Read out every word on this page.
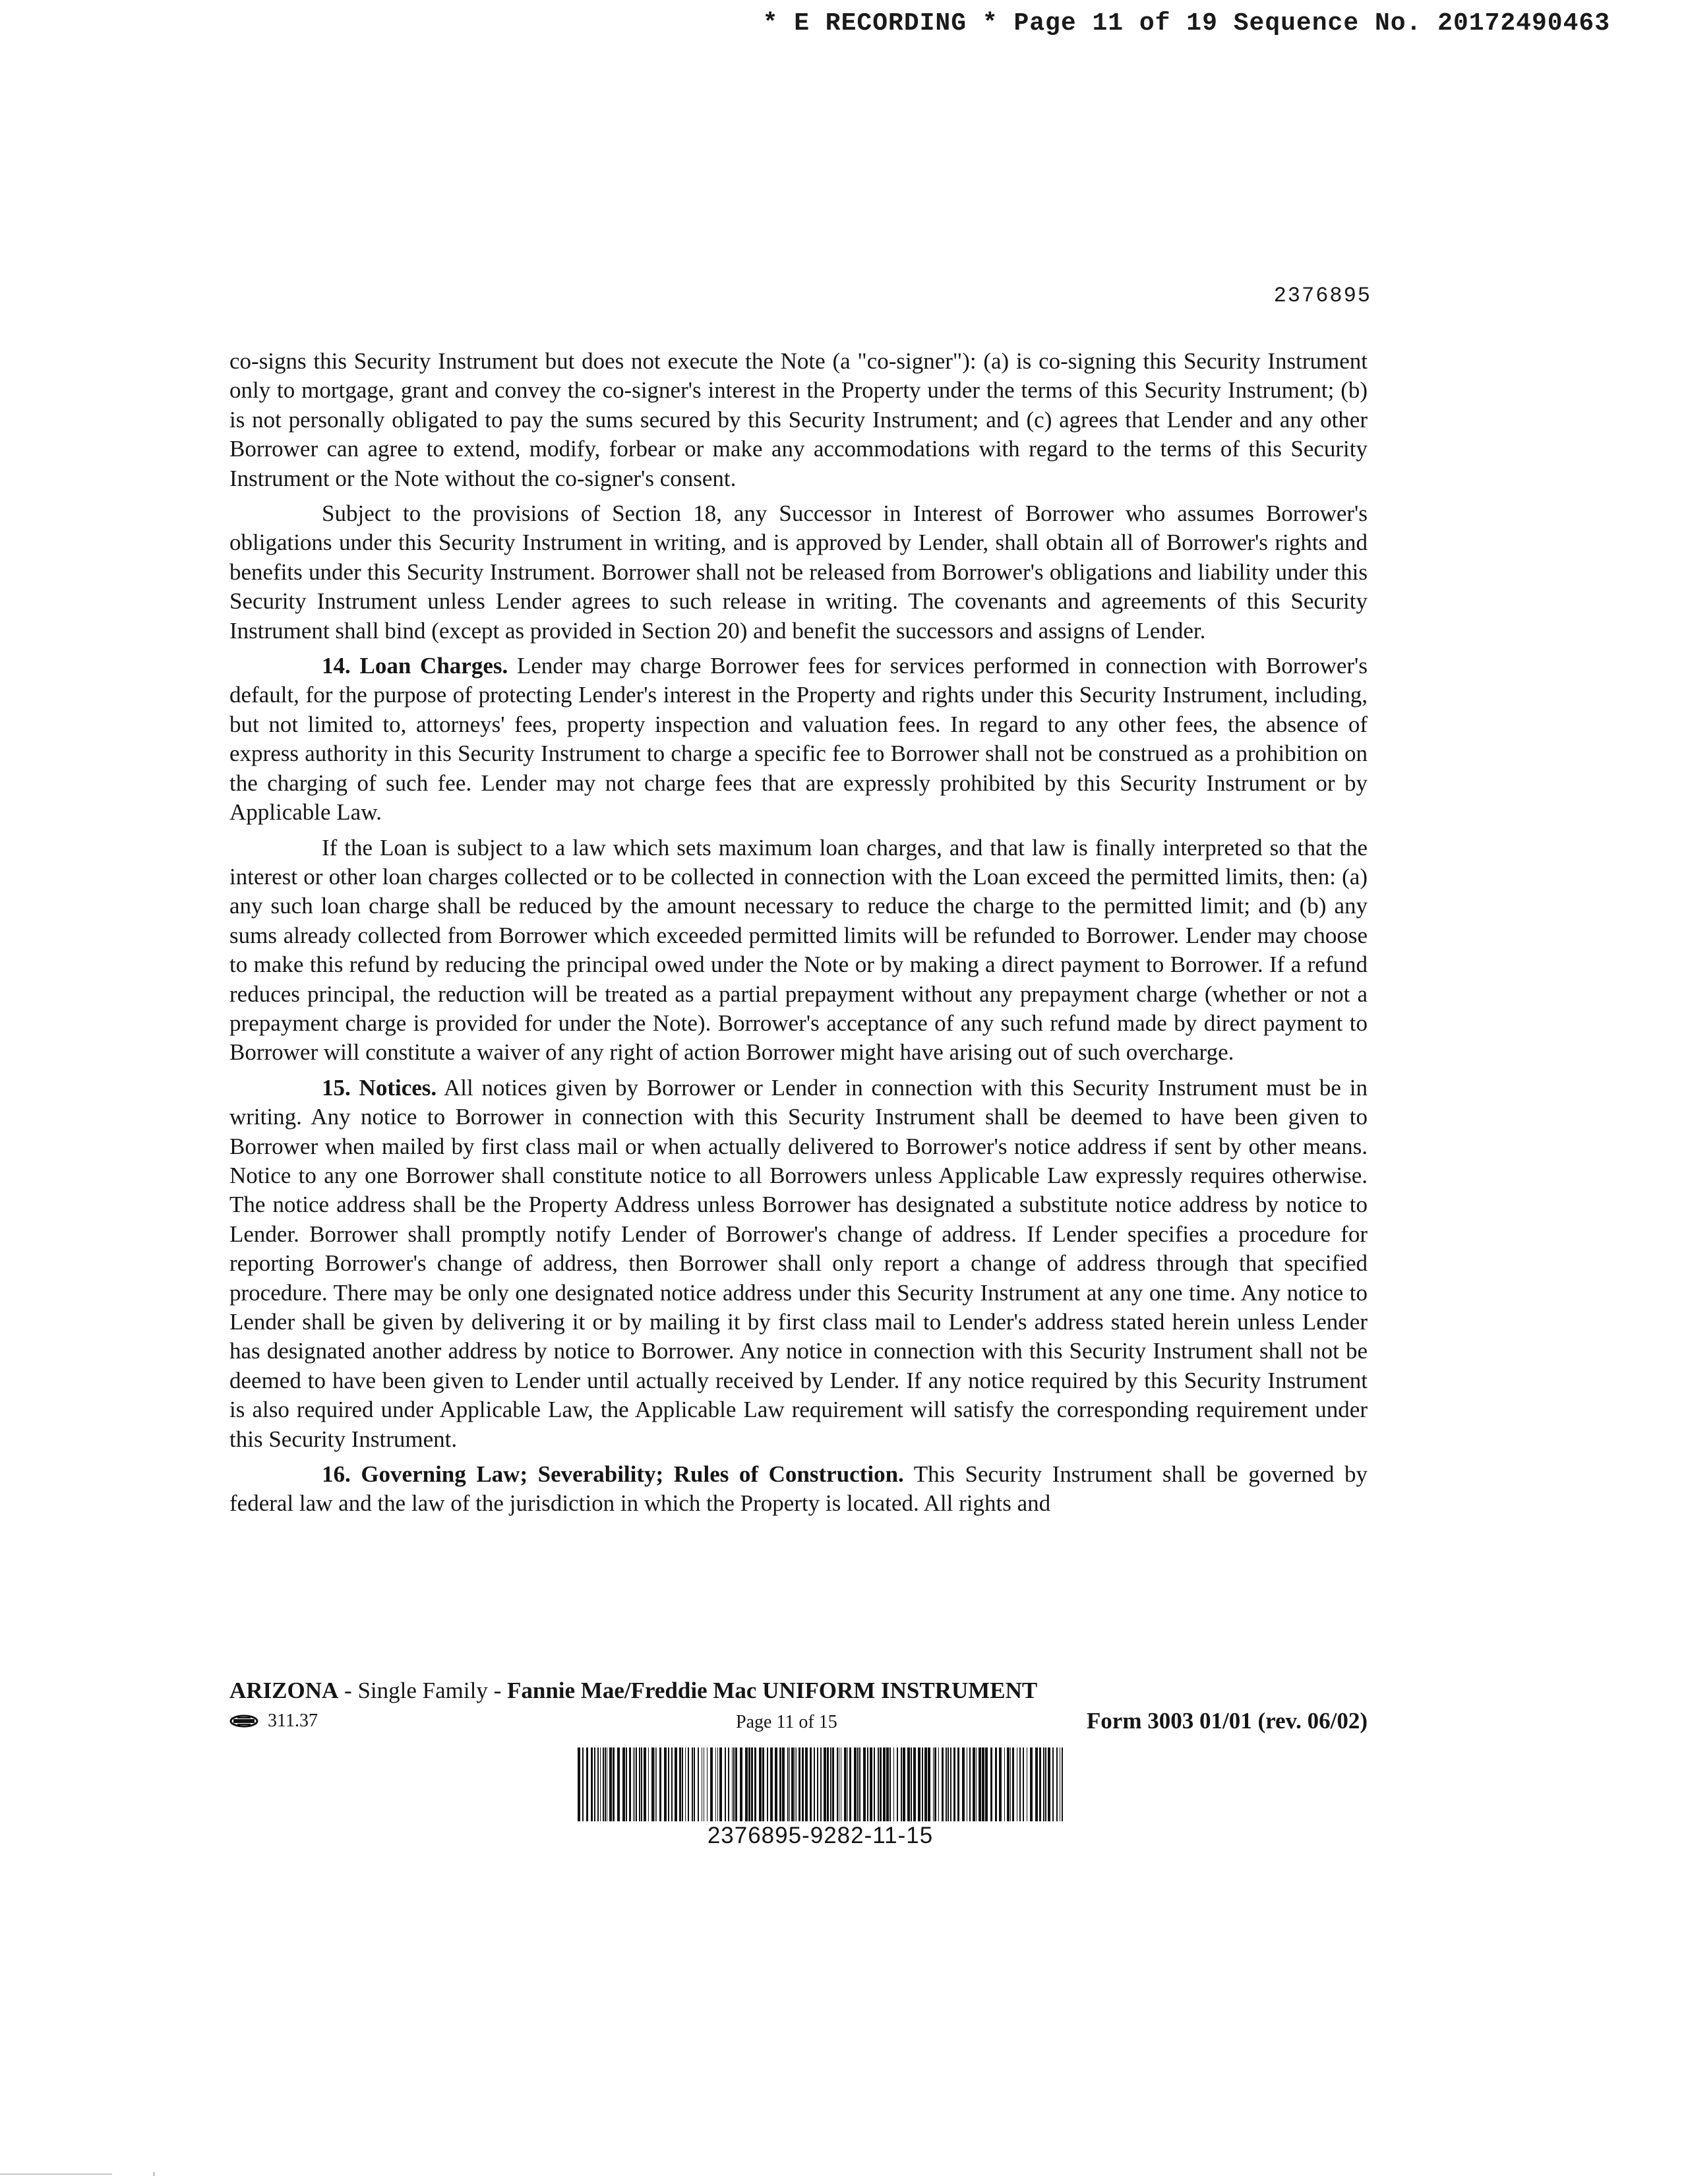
* E RECORDING * Page 11 of 19 Sequence No. 20172490463
2376895

co-signs this Security Instrument but does not execute the Note (a "co-signer"): (a) is co-signing this Security Instrument only to mortgage, grant and convey the co-signer's interest in the Property under the terms of this Security Instrument; (b) is not personally obligated to pay the sums secured by this Security Instrument; and (c) agrees that Lender and any other Borrower can agree to extend, modify, forbear or make any accommodations with regard to the terms of this Security Instrument or the Note without the co-signer's consent.

Subject to the provisions of Section 18, any Successor in Interest of Borrower who assumes Borrower's obligations under this Security Instrument in writing, and is approved by Lender, shall obtain all of Borrower's rights and benefits under this Security Instrument. Borrower shall not be released from Borrower's obligations and liability under this Security Instrument unless Lender agrees to such release in writing. The covenants and agreements of this Security Instrument shall bind (except as provided in Section 20) and benefit the successors and assigns of Lender.

14. Loan Charges. Lender may charge Borrower fees for services performed in connection with Borrower's default, for the purpose of protecting Lender's interest in the Property and rights under this Security Instrument, including, but not limited to, attorneys' fees, property inspection and valuation fees. In regard to any other fees, the absence of express authority in this Security Instrument to charge a specific fee to Borrower shall not be construed as a prohibition on the charging of such fee. Lender may not charge fees that are expressly prohibited by this Security Instrument or by Applicable Law.

If the Loan is subject to a law which sets maximum loan charges, and that law is finally interpreted so that the interest or other loan charges collected or to be collected in connection with the Loan exceed the permitted limits, then: (a) any such loan charge shall be reduced by the amount necessary to reduce the charge to the permitted limit; and (b) any sums already collected from Borrower which exceeded permitted limits will be refunded to Borrower. Lender may choose to make this refund by reducing the principal owed under the Note or by making a direct payment to Borrower. If a refund reduces principal, the reduction will be treated as a partial prepayment without any prepayment charge (whether or not a prepayment charge is provided for under the Note). Borrower's acceptance of any such refund made by direct payment to Borrower will constitute a waiver of any right of action Borrower might have arising out of such overcharge.

15. Notices. All notices given by Borrower or Lender in connection with this Security Instrument must be in writing. Any notice to Borrower in connection with this Security Instrument shall be deemed to have been given to Borrower when mailed by first class mail or when actually delivered to Borrower's notice address if sent by other means. Notice to any one Borrower shall constitute notice to all Borrowers unless Applicable Law expressly requires otherwise. The notice address shall be the Property Address unless Borrower has designated a substitute notice address by notice to Lender. Borrower shall promptly notify Lender of Borrower's change of address. If Lender specifies a procedure for reporting Borrower's change of address, then Borrower shall only report a change of address through that specified procedure. There may be only one designated notice address under this Security Instrument at any one time. Any notice to Lender shall be given by delivering it or by mailing it by first class mail to Lender's address stated herein unless Lender has designated another address by notice to Borrower. Any notice in connection with this Security Instrument shall not be deemed to have been given to Lender until actually received by Lender. If any notice required by this Security Instrument is also required under Applicable Law, the Applicable Law requirement will satisfy the corresponding requirement under this Security Instrument.

16. Governing Law; Severability; Rules of Construction. This Security Instrument shall be governed by federal law and the law of the jurisdiction in which the Property is located. All rights and

ARIZONA - Single Family - Fannie Mae/Freddie Mac UNIFORM INSTRUMENT
311.37	Page 11 of 15	Form 3003 01/01 (rev. 06/02)
2376895-9282-11-15
